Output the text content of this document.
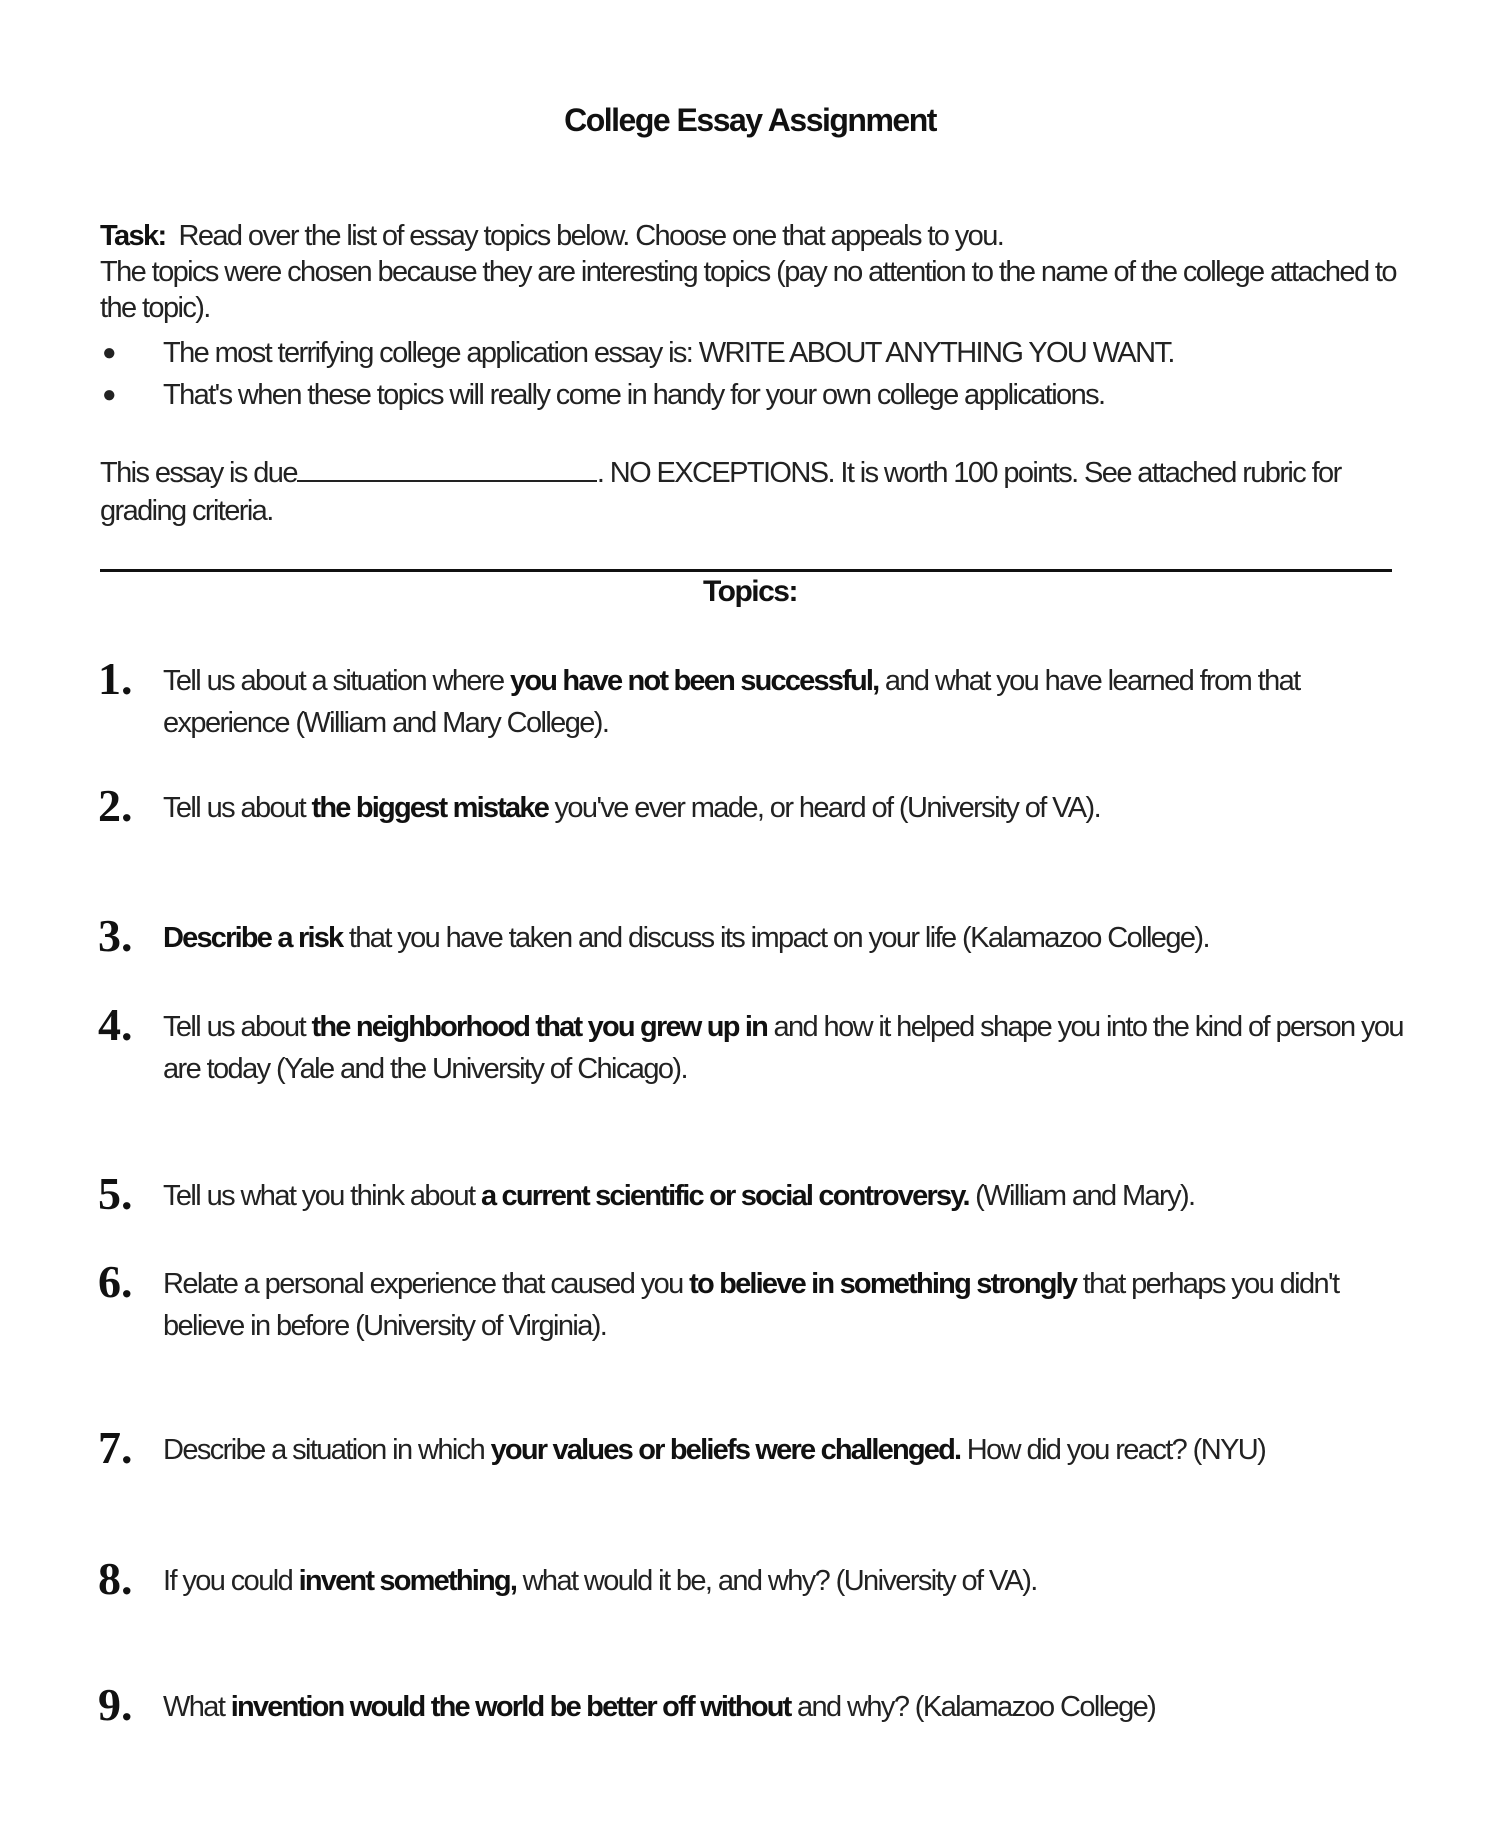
College Essay Assignment
Task: Read over the list of essay topics below. Choose one that appeals to you.
The topics were chosen because they are interesting topics (pay no attention to the name of the college attached to the topic).
● The most terrifying college application essay is: WRITE ABOUT ANYTHING YOU WANT.
● That's when these topics will really come in handy for your own college applications.
This essay is due	. NO EXCEPTIONS. It is worth 100 points. See attached rubric for grading criteria.
Topics:
1. Tell us about a situation where you have not been successful, and what you have learned from that experience (William and Mary College).
2. Tell us about the biggest mistake you've ever made, or heard of (University of VA).
3. Describe a risk that you have taken and discuss its impact on your life (Kalamazoo College).
4. Tell us about the neighborhood that you grew up in and how it helped shape you into the kind of person you are today (Yale and the University of Chicago).
5. Tell us what you think about a current scientific or social controversy. (William and Mary).
6. Relate a personal experience that caused you to believe in something strongly that perhaps you didn't believe in before (University of Virginia).
7. Describe a situation in which your values or beliefs were challenged. How did you react? (NYU)
8. If you could invent something, what would it be, and why? (University of VA).
9. What invention would the world be better off without and why? (Kalamazoo College)
